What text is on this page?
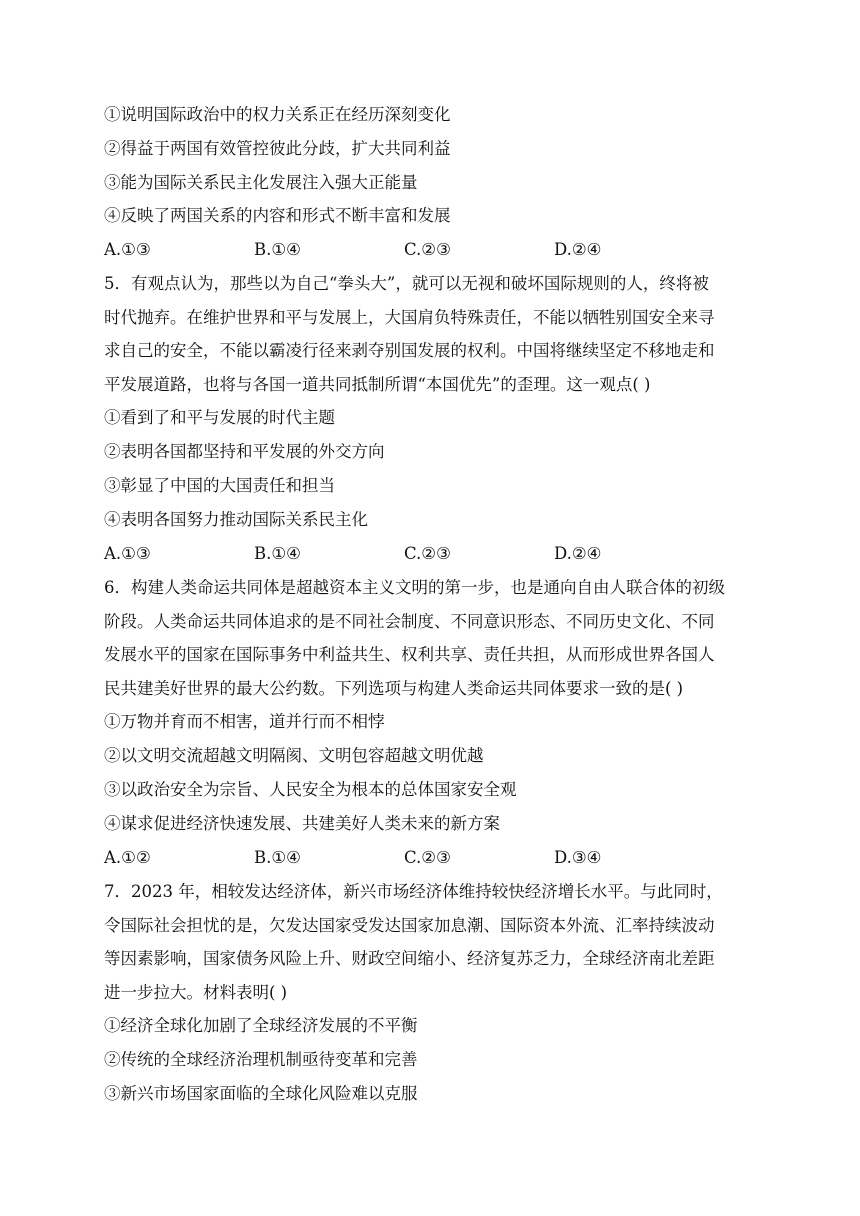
①说明国际政治中的权力关系正在经历深刻变化
②得益于两国有效管控彼此分歧，扩大共同利益
③能为国际关系民主化发展注入强大正能量
④反映了两国关系的内容和形式不断丰富和发展
A.①③	B.①④	C.②③	D.②④
5．有观点认为，那些以为自己“拳头大”，就可以无视和破坏国际规则的人，终将被
时代抛弃。在维护世界和平与发展上，大国肩负特殊责任，不能以牺牲别国安全来寻
求自己的安全，不能以霸凌行径来剥夺别国发展的权利。中国将继续坚定不移地走和
平发展道路，也将与各国一道共同抵制所谓“本国优先”的歪理。这一观点( )
①看到了和平与发展的时代主题
②表明各国都坚持和平发展的外交方向
③彰显了中国的大国责任和担当
④表明各国努力推动国际关系民主化
A.①③	B.①④	C.②③	D.②④
6．构建人类命运共同体是超越资本主义文明的第一步，也是通向自由人联合体的初级
阶段。人类命运共同体追求的是不同社会制度、不同意识形态、不同历史文化、不同
发展水平的国家在国际事务中利益共生、权利共享、责任共担，从而形成世界各国人
民共建美好世界的最大公约数。下列选项与构建人类命运共同体要求一致的是( )
①万物并育而不相害，道并行而不相悖
②以文明交流超越文明隔阂、文明包容超越文明优越
③以政治安全为宗旨、人民安全为根本的总体国家安全观
④谋求促进经济快速发展、共建美好人类未来的新方案
A.①②	B.①④	C.②③	D.③④
7．2023 年，相较发达经济体，新兴市场经济体维持较快经济增长水平。与此同时，
令国际社会担忧的是，欠发达国家受发达国家加息潮、国际资本外流、汇率持续波动
等因素影响，国家债务风险上升、财政空间缩小、经济复苏乏力，全球经济南北差距
进一步拉大。材料表明( )
①经济全球化加剧了全球经济发展的不平衡
②传统的全球经济治理机制亟待变革和完善
③新兴市场国家面临的全球化风险难以克服
